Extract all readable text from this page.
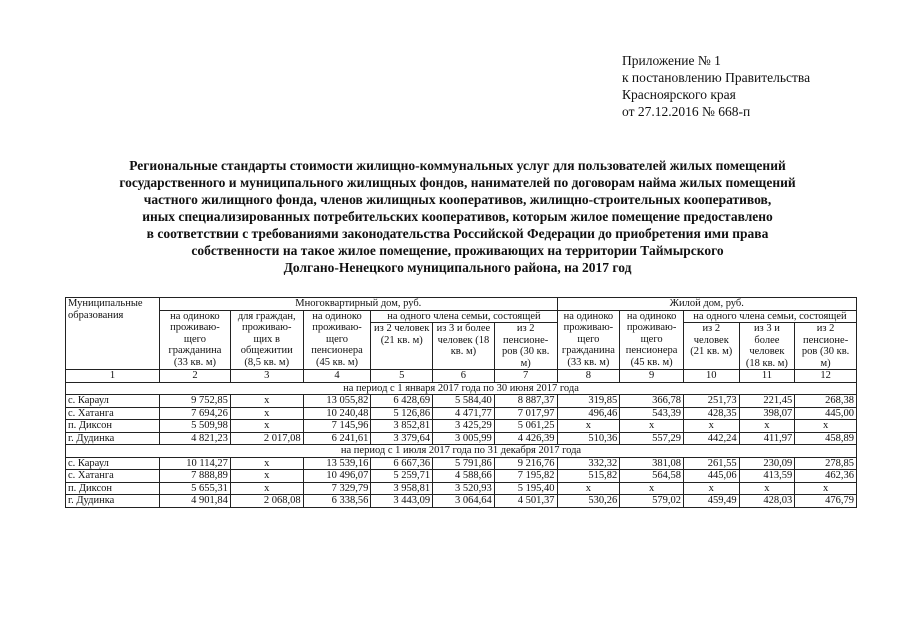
Приложение № 1
к постановлению Правительства
Красноярского края
от 27.12.2016 № 668-п
Региональные стандарты стоимости жилищно-коммунальных услуг для пользователей жилых помещений
государственного и муниципального жилищных фондов, нанимателей по договорам найма жилых помещений
частного жилищного фонда, членов жилищных кооперативов, жилищно-строительных кооперативов,
иных специализированных потребительских кооперативов, которым жилое помещение предоставлено
в соответствии с требованиями законодательства Российской Федерации до приобретения ими права
собственности на такое жилое помещение, проживающих на территории Таймырского
Долгано-Ненецкого муниципального района, на 2017 год
Муниципальные образования	Многоквартирный дом, руб.						Жилой дом, руб.				
	на одиноко проживаю- щего гражданина (33 кв. м)	для граждан, проживаю- щих в общежитии (8,5 кв. м)	на одиноко проживаю- щего пенсионера (45 кв. м)	на одного члена семьи, состоящей			на одиноко проживаю- щего гражданина (33 кв. м)	на одиноко проживаю- щего пенсионера (45 кв. м)	на одного члена семьи, состоящей		
				из 2 человек (21 кв. м)	из 3 и более человек (18 кв. м)	из 2 пенсионе- ров (30 кв. м)			из 2 человек (21 кв. м)	из 3 и более человек (18 кв. м)	из 2 пенсионе- ров (30 кв. м)
1	2	3	4	5	6	7	8	9	10	11	12
на период с 1 января 2017 года по 30 июня 2017 года											
с. Караул	9 752,85	х	13 055,82	6 428,69	5 584,40	8 887,37	319,85	366,78	251,73	221,45	268,38
с. Хатанга	7 694,26	х	10 240,48	5 126,86	4 471,77	7 017,97	496,46	543,39	428,35	398,07	445,00
п. Диксон	5 509,98	х	7 145,96	3 852,81	3 425,29	5 061,25	х	х	х	х	х
г. Дудинка	4 821,23	2 017,08	6 241,61	3 379,64	3 005,99	4 426,39	510,36	557,29	442,24	411,97	458,89
на период с 1 июля 2017 года по 31 декабря 2017 года											
с. Караул	10 114,27	х	13 539,16	6 667,36	5 791,86	9 216,76	332,32	381,08	261,55	230,09	278,85
с. Хатанга	7 888,89	х	10 496,07	5 259,71	4 588,66	7 195,82	515,82	564,58	445,06	413,59	462,36
п. Диксон	5 655,31	х	7 329,79	3 958,81	3 520,93	5 195,40	х	х	х	х	х
г. Дудинка	4 901,84	2 068,08	6 338,56	3 443,09	3 064,64	4 501,37	530,26	579,02	459,49	428,03	476,79
